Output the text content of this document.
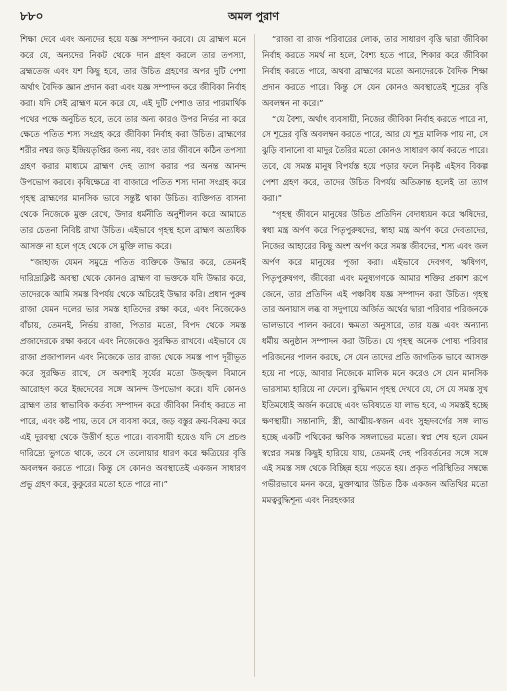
৮৮০	অমল পুরাণ

শিক্ষা দেবে এবং অন্যদের হয়ে যজ্ঞ সম্পাদন করবে। যে ব্রাহ্মণ মনে করে যে, অন্যদের নিকট থেকে দান গ্রহণ করলে তার তপস্যা, ব্রহ্মতেজ এবং যশ কিছু হবে, তার উচিত গ্রহণের অপর দুটি পেশা অর্থাৎ বৈদিক জ্ঞান প্রদান করা এবং যজ্ঞ সম্পাদন করে জীবিকা নির্বাহ করা। যদি সেই ব্রাহ্মণ মনে করে যে, এই দুটি পেশাও তার পারমার্থিক পথের পক্ষে অনুচিত হবে, তবে তার অন্য কারও উপর নির্ভর না করে ক্ষেতে পতিত শস্য সংগ্রহ করে জীবিকা নির্বাহ করা উচিত। ব্রাহ্মণের শরীর নশ্বর জড় ইন্দ্রিয়তৃপ্তির জন্য নয়, বরং তার জীবনে কঠিন তপস্যা গ্রহণ করার মাধ্যমে ব্রাহ্মণ দেহ ত্যাগ করার পর অনন্ত আনন্দ উপভোগ করবে। কৃষিক্ষেত্রে বা বাজারে পতিত শস্য দানা সংগ্রহ করে গৃহস্থ ব্রাহ্মণের মানসিক ভাবে সন্তুষ্ট থাকা উচিত। ব্যক্তিগত বাসনা থেকে নিজেকে মুক্ত রেখে, উদার ধর্মনীতি অনুশীলন করে আমাতে তার চেতনা নিবিষ্ট রাখা উচিত। এইভাবে গৃহস্থ হলে ব্রাহ্মণ অত্যধিক আসক্ত না হলে গৃহে থেকে সে মুক্তি লাভ করে।

“জাহাজ যেমন সমুদ্রে পতিত ব্যক্তিকে উদ্ধার করে, তেমনই দারিদ্র্যক্লিষ্ট অবস্থা থেকে কোনও ব্রাহ্মণ বা ভক্তকে যদি উদ্ধার করে, তাদেরকে আমি সমস্ত বিপর্যয় থেকে অচিরেই উদ্ধার করি। প্রধান পুরুষ রাজা যেমন দলের ভার সমস্ত হাতিদের রক্ষা করে, এবং নিজেকেও বাঁচায়, তেমনই, নির্ভয় রাজা, পিতার মতো, বিপদ থেকে সমস্ত প্রজাদেরকে রক্ষা করবে এবং নিজেকেও সুরক্ষিত রাখবে। এইভাবে যে রাজা প্রজাপালন এবং নিজেকে তার রাজ্য থেকে সমস্ত পাপ দূরীভূত করে সুরক্ষিত রাখে, সে অবশ্যই সূর্যের মতো উজ্জ্বল বিমানে আরোহণ করে ইন্দ্রদেবের সঙ্গে আনন্দ উপভোগ করে। যদি কোনও ব্রাহ্মণ তার স্বাভাবিক কর্তব্য সম্পাদন করে জীবিকা নির্বাহ করতে না পারে, এবং কষ্ট পায়, তবে সে ব্যবসা করে, জড় বস্তুর ক্রয়-বিক্রয় করে এই দুরবস্থা থেকে উত্তীর্ণ হতে পারে। ব্যবসায়ী হয়েও যদি সে প্রচণ্ড দারিদ্র্যে ভুগতে থাকে, তবে সে তলোয়ার ধারণ করে ক্ষত্রিয়ের বৃত্তি অবলম্বন করতে পারে। কিন্তু সে কোনও অবস্থাতেই একজন সাধারণ প্রভু গ্রহণ করে, কুকুরের মতো হতে পারে না।”

“রাজা বা রাজ পরিবারের লোক, তার সাধারণ বৃত্তি দ্বারা জীবিকা নির্বাহ করতে সমর্থ না হলে, বৈশ্য হতে পারে, শিকার করে জীবিকা নির্বাহ করতে পারে, অথবা ব্রাহ্মণের মতো অন্যদেরকে বৈদিক শিক্ষা প্রদান করতে পারে। কিন্তু সে যেন কোনও অবস্থাতেই শূদ্রের বৃত্তি অবলম্বন না করে।”

“যে বৈশ্য, অর্থাৎ ব্যবসায়ী, নিজের জীবিকা নির্বাহ করতে পারে না, সে শূদ্রের বৃত্তি অবলম্বন করতে পারে, আর যে শূদ্র মালিক পায় না, সে ঝুড়ি বানানো বা মাদুর তৈরির মতো কোনও সাধারণ কার্য করতে পারে। তবে, যে সমস্ত মানুষ বিপর্যস্ত হয়ে পড়ার ফলে নিকৃষ্ট এইসব বিকল্প পেশা গ্রহণ করে, তাদের উচিত বিপর্যয় অতিক্রান্ত হলেই তা ত্যাগ করা।”

“গৃহস্থ জীবনে মানুষের উচিত প্রতিদিন বেদাধ্যয়ন করে ঋষিদের, স্বধা মন্ত্র অর্পণ করে পিতৃপুরুষদের, স্বাহা মন্ত্র অর্পণ করে দেবতাদের, নিজের আহারের কিছু অংশ অর্পণ করে সমস্ত জীবদের, শস্য এবং জল অর্পণ করে মানুষের পূজা করা। এইভাবে দেবগণ, ঋষিগণ, পিতৃপুরুষগণ, জীবেরা এবং মনুষ্যগণকে আমার শক্তির প্রকাশ রূপে জেনে, তার প্রতিদিন এই পঞ্চবিধ যজ্ঞ সম্পাদন করা উচিত। গৃহস্থ তার অনায়াস লব্ধ বা সদুপায়ে অর্জিত অর্থের দ্বারা পরিবার পরিজনকে ভালভাবে পালন করবে। ক্ষমতা অনুসারে, তার যজ্ঞ এবং অন্যান্য ধর্মীয় অনুষ্ঠান সম্পাদন করা উচিত। যে গৃহস্থ অনেক পোষ্য পরিবার পরিজনের পালন করছে, সে যেন তাদের প্রতি জাগতিক ভাবে আসক্ত হয়ে না পড়ে, আবার নিজেকে মালিক মনে করেও সে যেন মানসিক ভারসাম্য হারিয়ে না ফেলে। বুদ্ধিমান গৃহস্থ দেখবে যে, সে যে সমস্ত সুখ ইতিমধ্যেই অর্জন করেছে এবং ভবিষ্যতে যা লাভ হবে, এ সমস্তই হচ্ছে ক্ষণস্থায়ী। সন্তানাদি, স্ত্রী, আত্মীয়-স্বজন এবং সুহৃদবর্গের সঙ্গ লাভ হচ্ছে একটি পথিকের ক্ষণিক সঙ্গলাভের মতো। স্বপ্ন শেষ হলে যেমন স্বপ্নের সমস্ত কিছুই হারিয়ে যায়, তেমনই দেহ পরিবর্তনের সঙ্গে সঙ্গে এই সমস্ত সঙ্গ থেকে বিচ্ছিন্ন হয়ে পড়তে হয়। প্রকৃত পরিস্থিতির সম্বন্ধে গভীরভাবে মনন করে, মুক্তাত্মার উচিত ঠিক একজন অতিথির মতো মমত্ববুদ্ধিশূন্য এবং নিরহংকার
